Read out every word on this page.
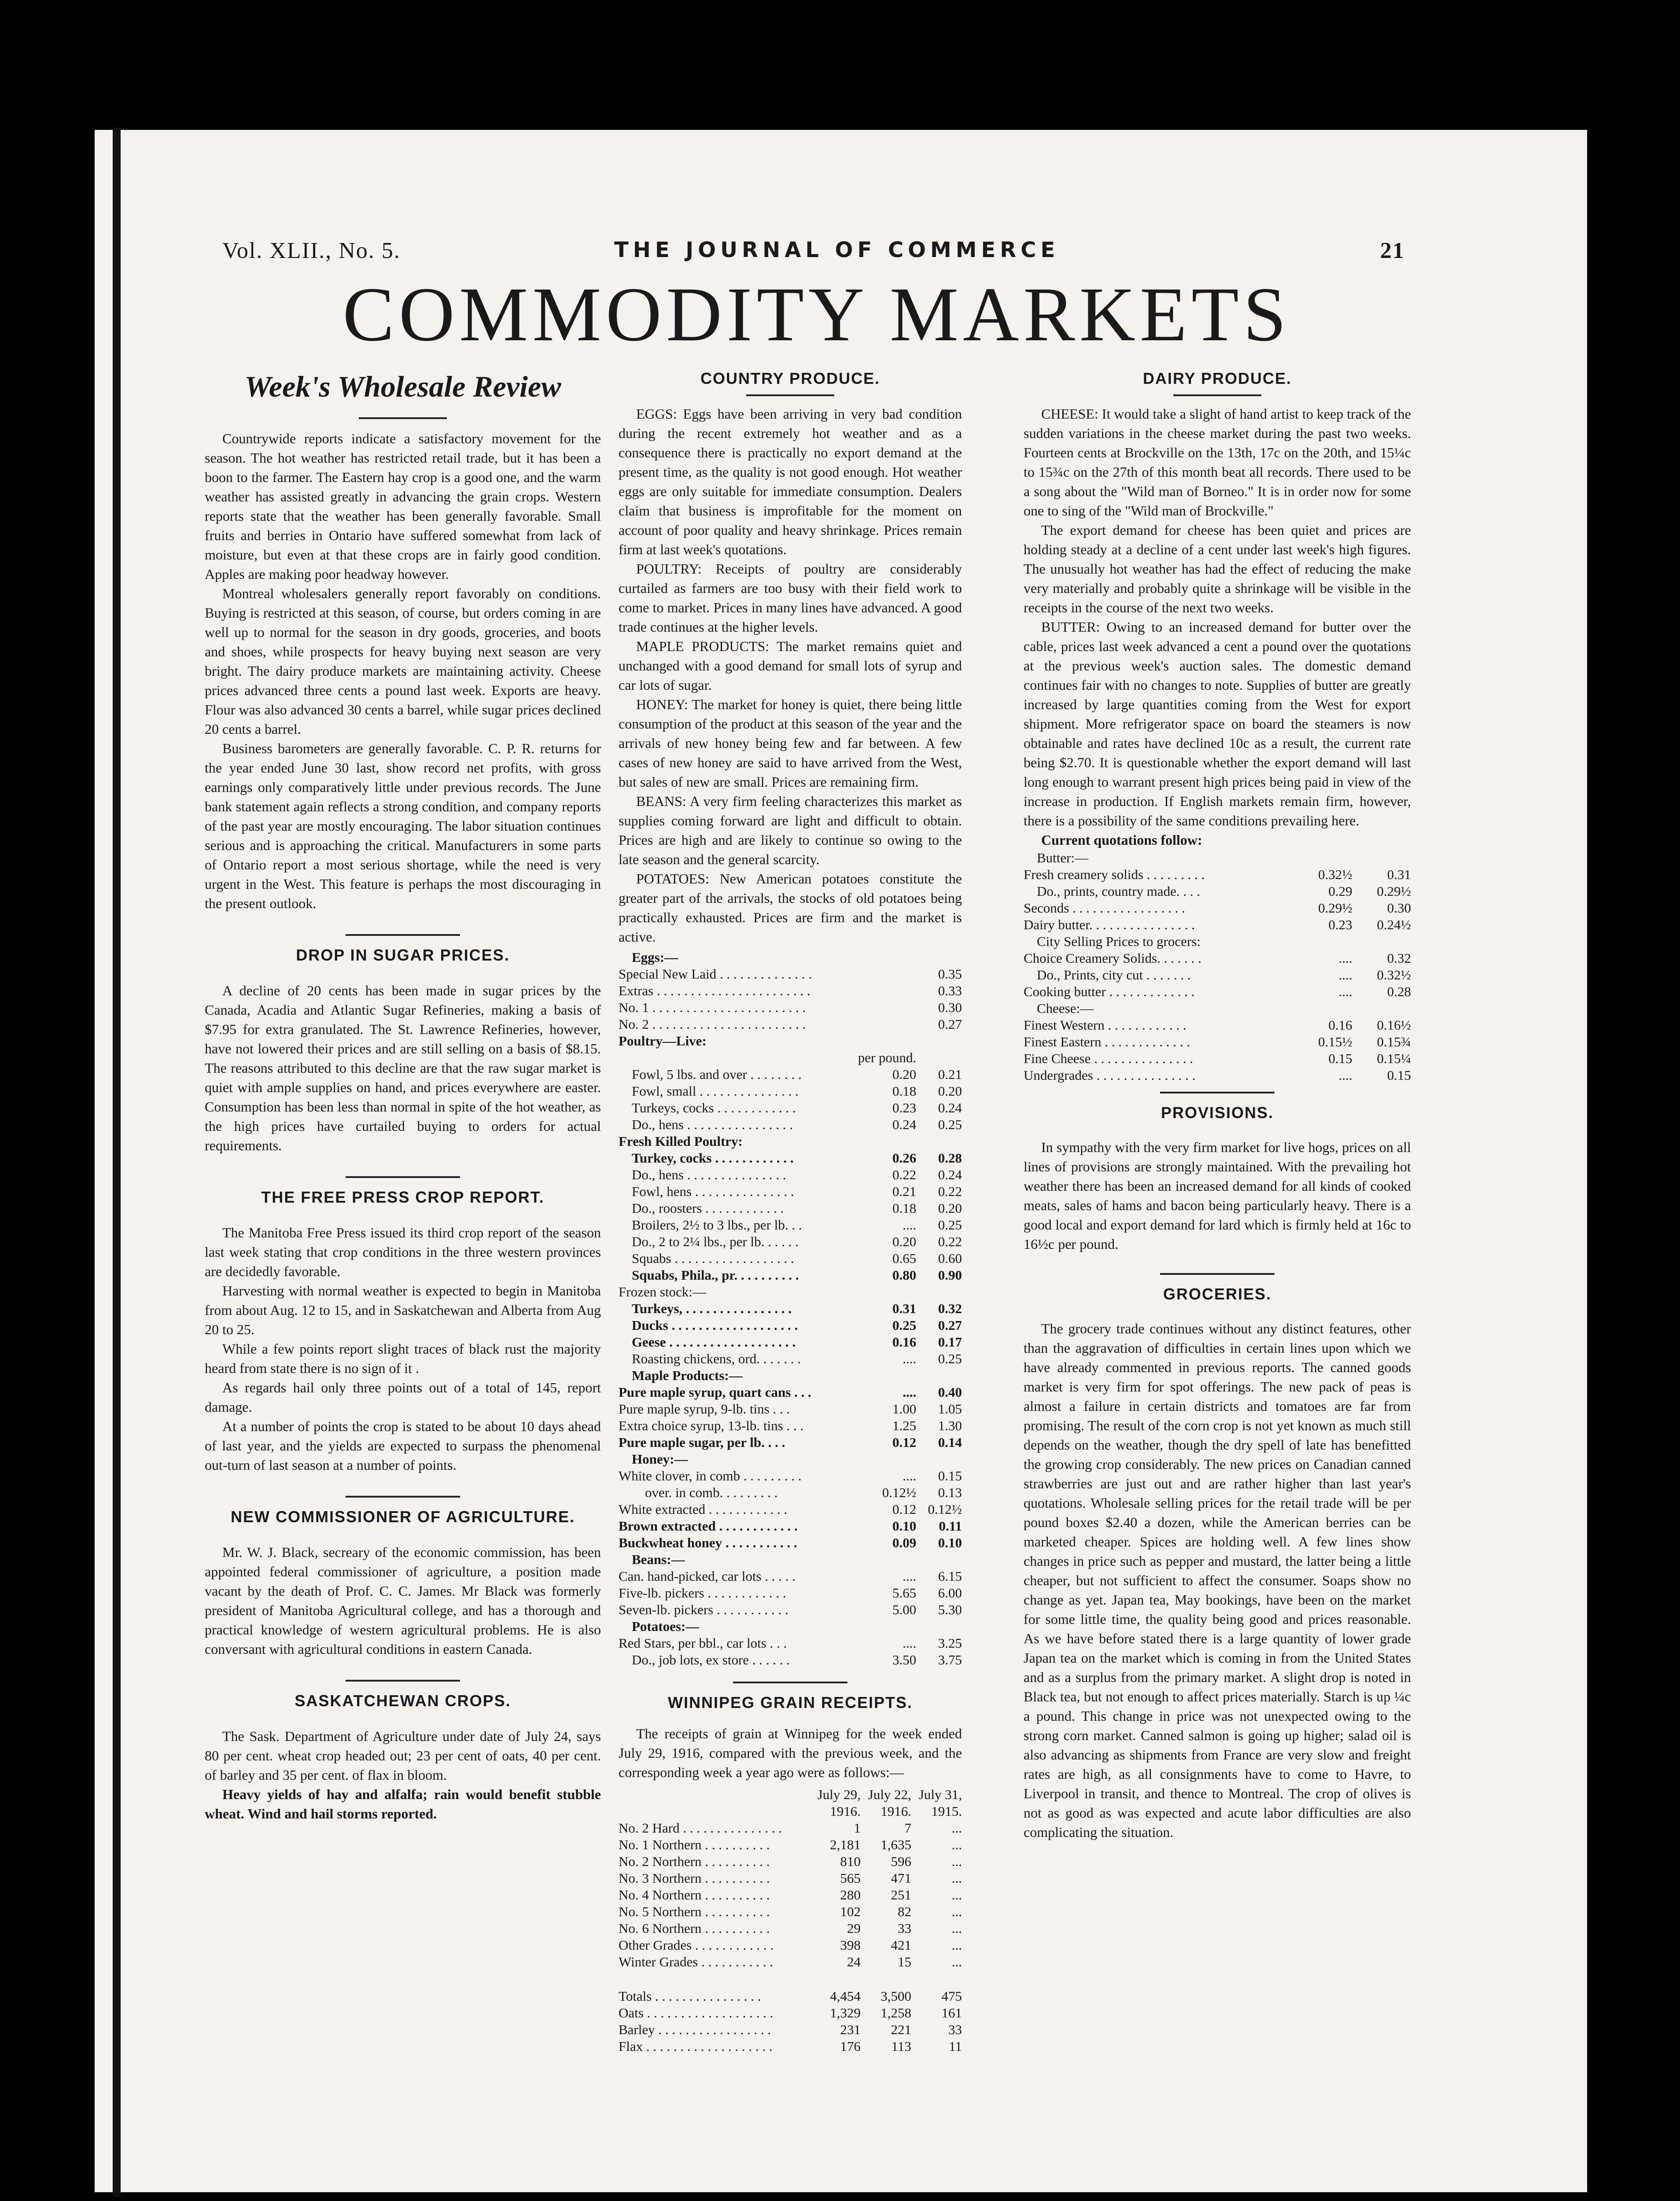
Vol. XLII., No. 5.	THE JOURNAL OF COMMERCE	21
COMMODITY MARKETS
Week's Wholesale Review

Countrywide reports indicate a satisfactory movement for the season. The hot weather has restricted retail trade, but it has been a boon to the farmer. The Eastern hay crop is a good one, and the warm weather has assisted greatly in advancing the grain crops. Western reports state that the weather has been generally favorable. Small fruits and berries in Ontario have suffered somewhat from lack of moisture, but even at that these crops are in fairly good condition. Apples are making poor headway however.

Montreal wholesalers generally report favorably on conditions. Buying is restricted at this season, of course, but orders coming in are well up to normal for the season in dry goods, groceries, and boots and shoes, while prospects for heavy buying next season are very bright. The dairy produce markets are maintaining activity. Cheese prices advanced three cents a pound last week. Exports are heavy. Flour was also advanced 30 cents a barrel, while sugar prices declined 20 cents a barrel.

Business barometers are generally favorable. C. P. R. returns for the year ended June 30 last, show record net profits, with gross earnings only comparatively little under previous records. The June bank statement again reflects a strong condition, and company reports of the past year are mostly encouraging. The labor situation continues serious and is approaching the critical. Manufacturers in some parts of Ontario report a most serious shortage, while the need is very urgent in the West. This feature is perhaps the most discouraging in the present outlook.

DROP IN SUGAR PRICES.

A decline of 20 cents has been made in sugar prices by the Canada, Acadia and Atlantic Sugar Refineries, making a basis of $7.95 for extra granulated. The St. Lawrence Refineries, however, have not lowered their prices and are still selling on a basis of $8.15. The reasons attributed to this decline are that the raw sugar market is quiet with ample supplies on hand, and prices everywhere are easter. Consumption has been less than normal in spite of the hot weather, as the high prices have curtailed buying to orders for actual requirements.

THE FREE PRESS CROP REPORT.

The Manitoba Free Press issued its third crop report of the season last week stating that crop conditions in the three western provinces are decidedly favorable.

Harvesting with normal weather is expected to begin in Manitoba from about Aug. 12 to 15, and in Saskatchewan and Alberta from Aug 20 to 25.

While a few points report slight traces of black rust the majority heard from state there is no sign of it .

As regards hail only three points out of a total of 145, report damage.

At a number of points the crop is stated to be about 10 days ahead of last year, and the yields are expected to surpass the phenomenal out-turn of last season at a number of points.

NEW COMMISSIONER OF AGRICULTURE.

Mr. W. J. Black, secreary of the economic commission, has been appointed federal commissioner of agriculture, a position made vacant by the death of Prof. C. C. James. Mr Black was formerly president of Manitoba Agricultural college, and has a thorough and practical knowledge of western agricultural problems. He is also conversant with agricultural conditions in eastern Canada.

SASKATCHEWAN CROPS.

The Sask. Department of Agriculture under date of July 24, says 80 per cent. wheat crop headed out; 23 per cent of oats, 40 per cent. of barley and 35 per cent. of flax in bloom.

Heavy yields of hay and alfalfa; rain would benefit stubble wheat. Wind and hail storms reported.

COUNTRY PRODUCE.

EGGS: Eggs have been arriving in very bad condition during the recent extremely hot weather and as a consequence there is practically no export demand at the present time, as the quality is not good enough. Hot weather eggs are only suitable for immediate consumption. Dealers claim that business is improfitable for the moment on account of poor quality and heavy shrinkage. Prices remain firm at last week's quotations.

POULTRY: Receipts of poultry are considerably curtailed as farmers are too busy with their field work to come to market. Prices in many lines have advanced. A good trade continues at the higher levels.

MAPLE PRODUCTS: The market remains quiet and unchanged with a good demand for small lots of syrup and car lots of sugar.

HONEY: The market for honey is quiet, there being little consumption of the product at this season of the year and the arrivals of new honey being few and far between. A few cases of new honey are said to have arrived from the West, but sales of new are small. Prices are remaining firm.

BEANS: A very firm feeling characterizes this market as supplies coming forward are light and difficult to obtain. Prices are high and are likely to continue so owing to the late season and the general scarcity.

POTATOES: New American potatoes constitute the greater part of the arrivals, the stocks of old potatoes being practically exhausted. Prices are firm and the market is active.

Eggs:—		
Special New Laid . . . . . . . . . . . . . .		0.35
Extras . . . . . . . . . . . . . . . . . . . . . . .		0.33
No. 1 . . . . . . . . . . . . . . . . . . . . . . .		0.30
No. 2 . . . . . . . . . . . . . . . . . . . . . . .		0.27
Poultry—Live:		
	per pound.	
Fowl, 5 lbs. and over . . . . . . . .	0.20	0.21
Fowl, small . . . . . . . . . . . . . . .	0.18	0.20
Turkeys, cocks . . . . . . . . . . . .	0.23	0.24
Do., hens . . . . . . . . . . . . . . . .	0.24	0.25
Fresh Killed Poultry:		
Turkey, cocks . . . . . . . . . . . .	0.26	0.28
Do., hens . . . . . . . . . . . . . . .	0.22	0.24
Fowl, hens . . . . . . . . . . . . . . .	0.21	0.22
Do., roosters . . . . . . . . . . . .	0.18	0.20
Broilers, 2½ to 3 lbs., per lb. . .	....	0.25
Do., 2 to 2¼ lbs., per lb. . . . . .	0.20	0.22
Squabs . . . . . . . . . . . . . . . . . .	0.65	0.60
Squabs, Phila., pr. . . . . . . . . .	0.80	0.90
Frozen stock:—		
Turkeys, . . . . . . . . . . . . . . . .	0.31	0.32
Ducks . . . . . . . . . . . . . . . . . . .	0.25	0.27
Geese . . . . . . . . . . . . . . . . . . .	0.16	0.17
Roasting chickens, ord. . . . . . .	....	0.25
Maple Products:—		
Pure maple syrup, quart cans . . .	....	0.40
Pure maple syrup, 9-lb. tins . . .	1.00	1.05
Extra choice syrup, 13-lb. tins . . .	1.25	1.30
Pure maple sugar, per lb. . . .	0.12	0.14
Honey:—		
White clover, in comb . . . . . . . . .	....	0.15
over. in comb. . . . . . . . .	0.12½	0.13
White extracted . . . . . . . . . . . .	0.12	0.12½
Brown extracted . . . . . . . . . . . .	0.10	0.11
Buckwheat honey . . . . . . . . . . .	0.09	0.10
Beans:—		
Can. hand-picked, car lots . . . . .	....	6.15
Five-lb. pickers . . . . . . . . . . . .	5.65	6.00
Seven-lb. pickers . . . . . . . . . . .	5.00	5.30
Potatoes:—		
Red Stars, per bbl., car lots . . .	....	3.25
Do., job lots, ex store . . . . . .	3.50	3.75
WINNIPEG GRAIN RECEIPTS.

The receipts of grain at Winnipeg for the week ended July 29, 1916, compared with the previous week, and the corresponding week a year ago were as follows:—

	July 29,	July 22,	July 31,
	1916.	1916.	1915.
No. 2 Hard . . . . . . . . . . . . . . .	1	7	...
No. 1 Northern . . . . . . . . . .	2,181	1,635	...
No. 2 Northern . . . . . . . . . .	810	596	...
No. 3 Northern . . . . . . . . . .	565	471	...
No. 4 Northern . . . . . . . . . .	280	251	...
No. 5 Northern . . . . . . . . . .	102	82	...
No. 6 Northern . . . . . . . . . .	29	33	...
Other Grades . . . . . . . . . . . .	398	421	...
Winter Grades . . . . . . . . . . .	24	15	...

Totals . . . . . . . . . . . . . . . .	4,454	3,500	475
Oats . . . . . . . . . . . . . . . . . . .	1,329	1,258	161
Barley . . . . . . . . . . . . . . . . .	231	221	33
Flax . . . . . . . . . . . . . . . . . . .	176	113	11
DAIRY PRODUCE.

CHEESE: It would take a slight of hand artist to keep track of the sudden variations in the cheese market during the past two weeks. Fourteen cents at Brockville on the 13th, 17c on the 20th, and 15¼c to 15¾c on the 27th of this month beat all records. There used to be a song about the "Wild man of Borneo." It is in order now for some one to sing of the "Wild man of Brockville."

The export demand for cheese has been quiet and prices are holding steady at a decline of a cent under last week's high figures. The unusually hot weather has had the effect of reducing the make very materially and probably quite a shrinkage will be visible in the receipts in the course of the next two weeks.

BUTTER: Owing to an increased demand for butter over the cable, prices last week advanced a cent a pound over the quotations at the previous week's auction sales. The domestic demand continues fair with no changes to note. Supplies of butter are greatly increased by large quantities coming from the West for export shipment. More refrigerator space on board the steamers is now obtainable and rates have declined 10c as a result, the current rate being $2.70. It is questionable whether the export demand will last long enough to warrant present high prices being paid in view of the increase in production. If English markets remain firm, however, there is a possibility of the same conditions prevailing here.

Current quotations follow:

Butter:—		
Fresh creamery solids . . . . . . . . .	0.32½	0.31
Do., prints, country made. . . .	0.29	0.29½
Seconds . . . . . . . . . . . . . . . . .	0.29½	0.30
Dairy butter. . . . . . . . . . . . . . . .	0.23	0.24½
City Selling Prices to grocers:		
Choice Creamery Solids. . . . . . .	....	0.32
Do., Prints, city cut . . . . . . .	....	0.32½
Cooking butter . . . . . . . . . . . . .	....	0.28
Cheese:—		
Finest Western . . . . . . . . . . . .	0.16	0.16½
Finest Eastern . . . . . . . . . . . . .	0.15½	0.15¾
Fine Cheese . . . . . . . . . . . . . . .	0.15	0.15¼
Undergrades . . . . . . . . . . . . . . .	....	0.15
PROVISIONS.

In sympathy with the very firm market for live hogs, prices on all lines of provisions are strongly maintained. With the prevailing hot weather there has been an increased demand for all kinds of cooked meats, sales of hams and bacon being particularly heavy. There is a good local and export demand for lard which is firmly held at 16c to 16½c per pound.

GROCERIES.

The grocery trade continues without any distinct features, other than the aggravation of difficulties in certain lines upon which we have already commented in previous reports. The canned goods market is very firm for spot offerings. The new pack of peas is almost a failure in certain districts and tomatoes are far from promising. The result of the corn crop is not yet known as much still depends on the weather, though the dry spell of late has benefitted the growing crop considerably. The new prices on Canadian canned strawberries are just out and are rather higher than last year's quotations. Wholesale selling prices for the retail trade will be per pound boxes $2.40 a dozen, while the American berries can be marketed cheaper. Spices are holding well. A few lines show changes in price such as pepper and mustard, the latter being a little cheaper, but not sufficient to affect the consumer. Soaps show no change as yet. Japan tea, May bookings, have been on the market for some little time, the quality being good and prices reasonable. As we have before stated there is a large quantity of lower grade Japan tea on the market which is coming in from the United States and as a surplus from the primary market. A slight drop is noted in Black tea, but not enough to affect prices materially. Starch is up ¼c a pound. This change in price was not unexpected owing to the strong corn market. Canned salmon is going up higher; salad oil is also advancing as shipments from France are very slow and freight rates are high, as all consignments have to come to Havre, to Liverpool in transit, and thence to Montreal. The crop of olives is not as good as was expected and acute labor difficulties are also complicating the situation.
